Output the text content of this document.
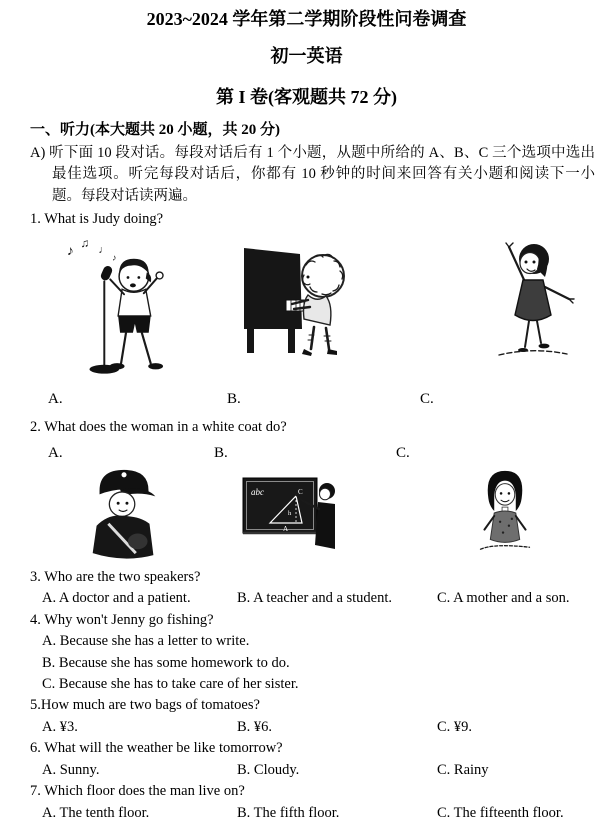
2023~2024 学年第二学期阶段性问卷调查
初一英语
第 I 卷(客观题共 72 分)
一、听力(本大题共 20 小题，共 20 分)
A) 听下面 10 段对话。每段对话后有 1 个小题，从题中所给的 A、B、C 三个选项中选出最佳选项。听完每段对话后，你都有 10 秒钟的时间来回答有关小题和阅读下一小题。每段对话读两遍。
1. What is Judy doing?
♪ ♫ ♩
♪
A.	B.	C.
2. What does the woman in a white coat do?
A.	B.	C.
abc
A
C
h
3. Who are the two speakers?
A. A doctor and a patient.	B. A teacher and a student.	C. A mother and a son.
4. Why won't Jenny go fishing?
A. Because she has a letter to write.
B. Because she has some homework to do.
C. Because she has to take care of her sister.
5.How much are two bags of tomatoes?
A. ¥3.	B. ¥6.	C. ¥9.
6. What will the weather be like tomorrow?
A. Sunny.	B. Cloudy.	C. Rainy
7. Which floor does the man live on?
A. The tenth floor.	B. The fifth floor.	C. The fifteenth floor.
